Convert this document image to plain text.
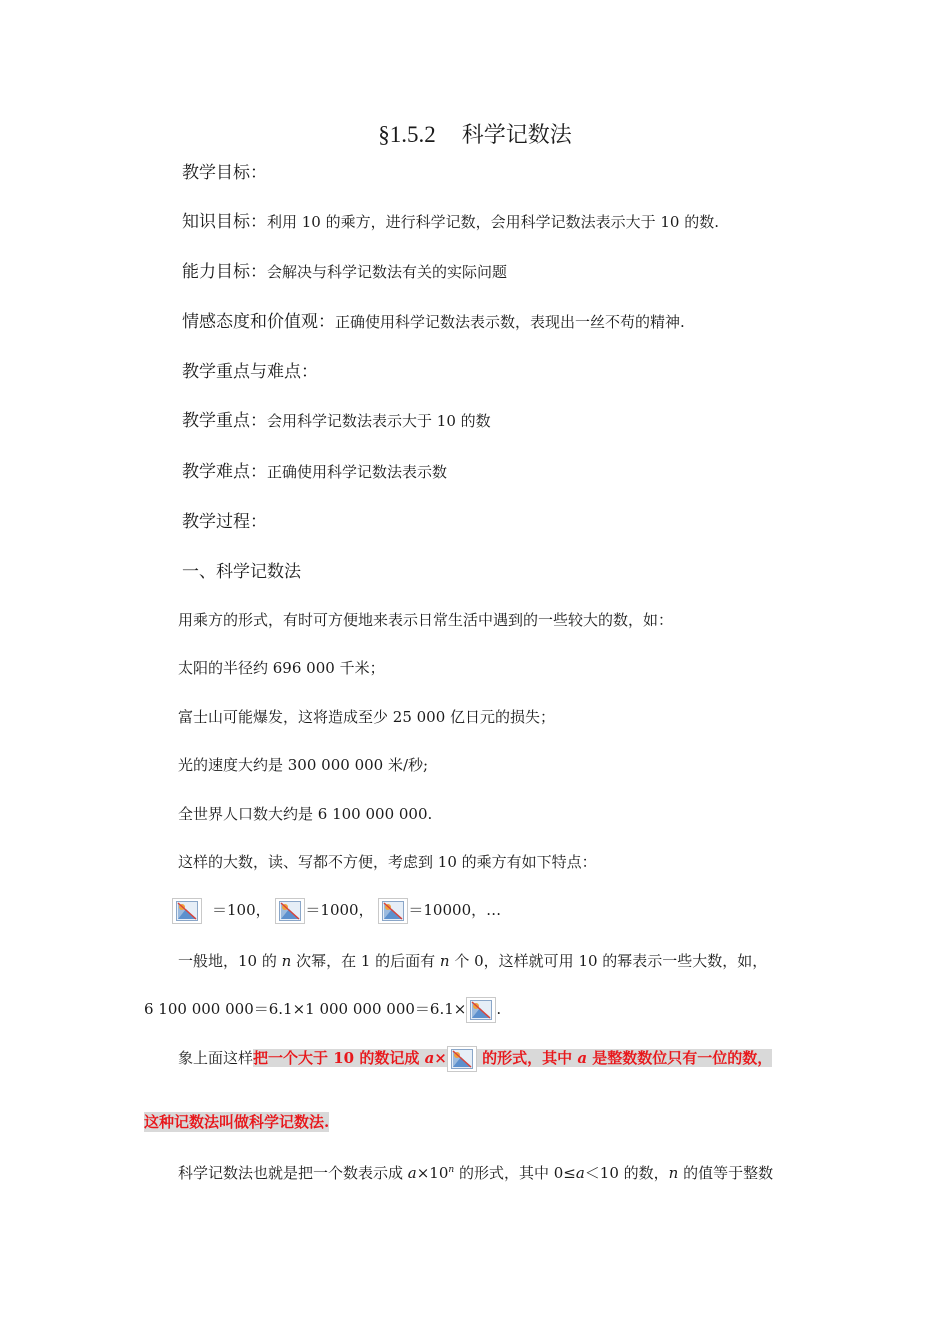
§1.5.2 科学记数法
教学目标：
知识目标：利用 10 的乘方，进行科学记数，会用科学记数法表示大于 10 的数.
能力目标：会解决与科学记数法有关的实际问题
情感态度和价值观：正确使用科学记数法表示数，表现出一丝不苟的精神.
教学重点与难点：
教学重点：会用科学记数法表示大于 10 的数
教学难点：正确使用科学记数法表示数
教学过程：
一、科学记数法
用乘方的形式，有时可方便地来表示日常生活中遇到的一些较大的数，如：
太阳的半径约 696 000 千米；
富士山可能爆发，这将造成至少 25 000 亿日元的损失；
光的速度大约是 300 000 000 米/秒;
全世界人口数大约是 6 100 000 000.
这样的大数，读、写都不方便，考虑到 10 的乘方有如下特点：
＝100， ＝1000， ＝10000，…
一般地，10 的 n 次幂，在 1 的后面有 n 个 0，这样就可用 10 的幂表示一些大数，如，
6 100 000 000＝6.1×1 000 000 000＝6.1× .
象上面这样把一个大于 10 的数记成 a×
的形式，其中 a 是整数数位只有一位的数，
这种记数法叫做科学记数法.
科学记数法也就是把一个数表示成 $a\times 10^n$ 的形式，其中 0≤a＜10 的数，n 的值等于整数
